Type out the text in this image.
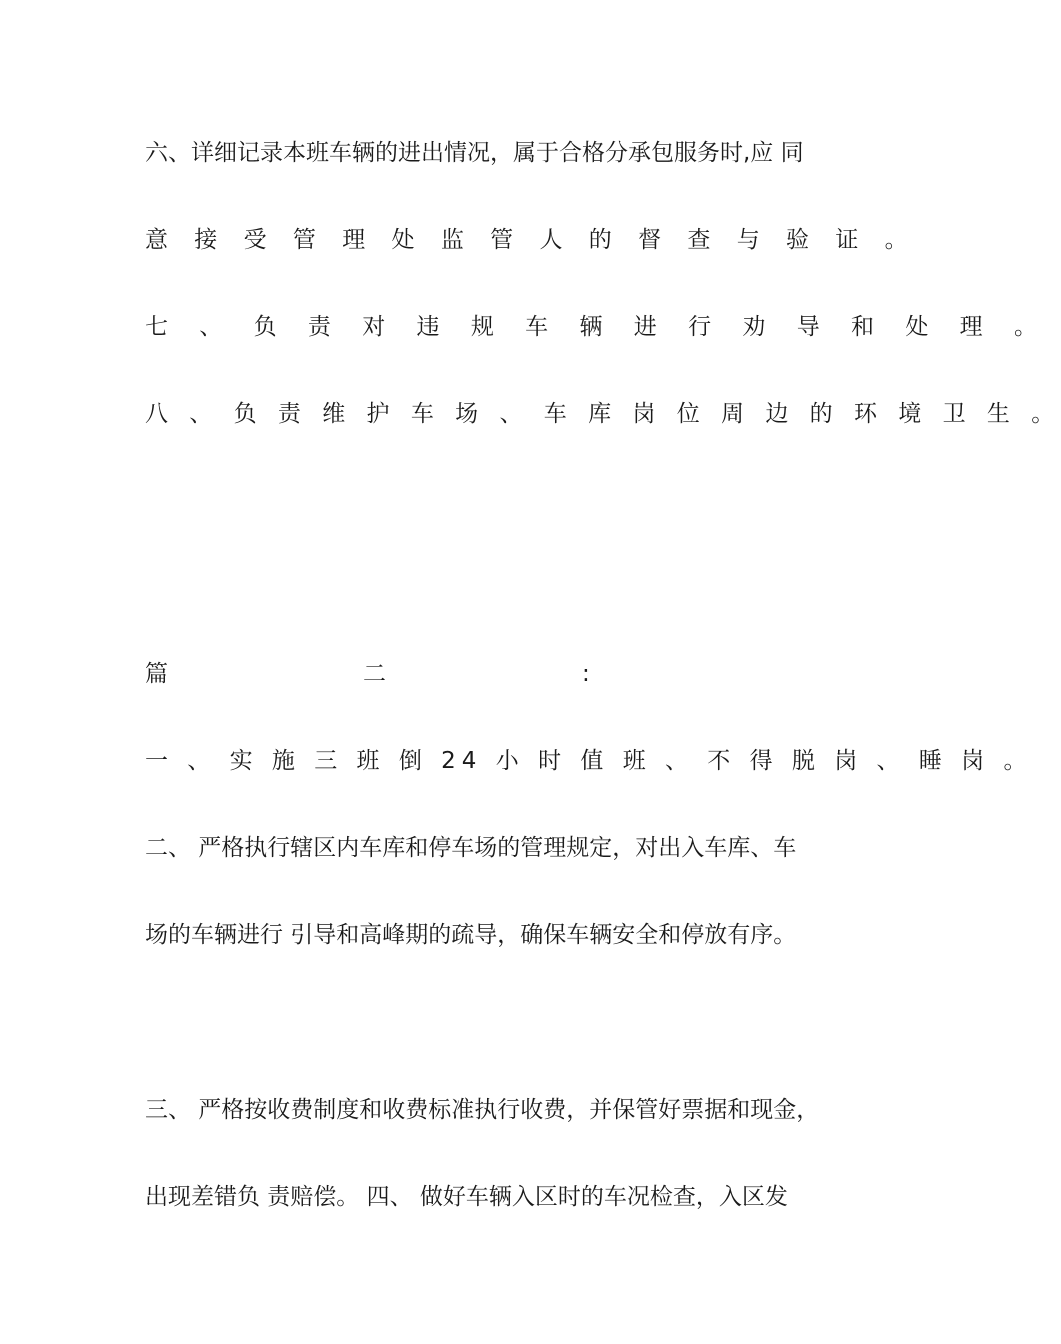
六、详细记录本班车辆的进出情况，属于合格分承包服务时,应 同
意 接 受 管 理 处 监 管 人 的 督 查 与 验 证 。
七 、 负 责 对 违 规 车 辆 进 行 劝 导 和 处 理 。
八 、 负 责 维 护 车 场 、 车 库 岗 位 周 边 的 环 境 卫 生 。
篇	二	:
一 、 实 施 三 班 倒 24 小 时 值 班 、 不 得 脱 岗 、 睡 岗 。
二、 严格执行辖区内车库和停车场的管理规定，对出入车库、车
场的车辆进行 引导和高峰期的疏导，确保车辆安全和停放有序。
三、 严格按收费制度和收费标准执行收费，并保管好票据和现金，
出现差错负 责赔偿。 四、 做好车辆入区时的车况检查，入区发
